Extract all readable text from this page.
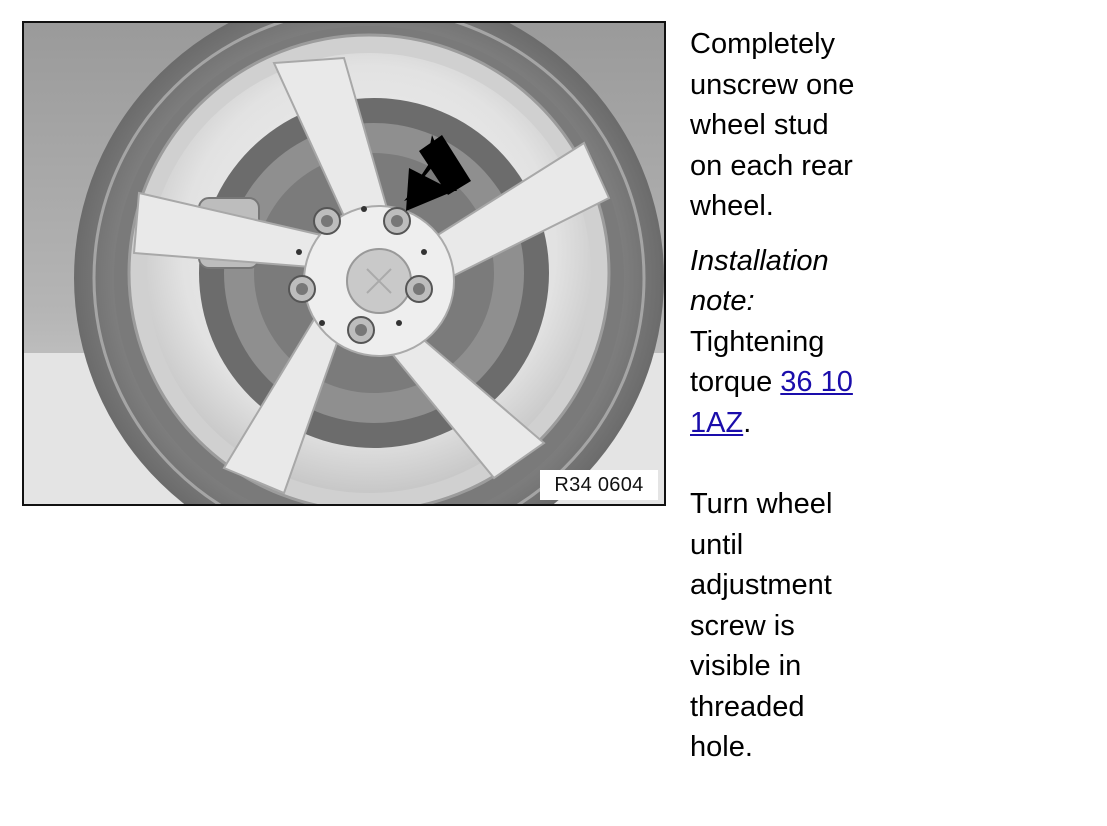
R34 0604

Completely unscrew one wheel stud on each rear wheel.

Installation note: Tightening torque 36 10 1AZ.

Turn wheel until adjustment screw is visible in threaded hole.
